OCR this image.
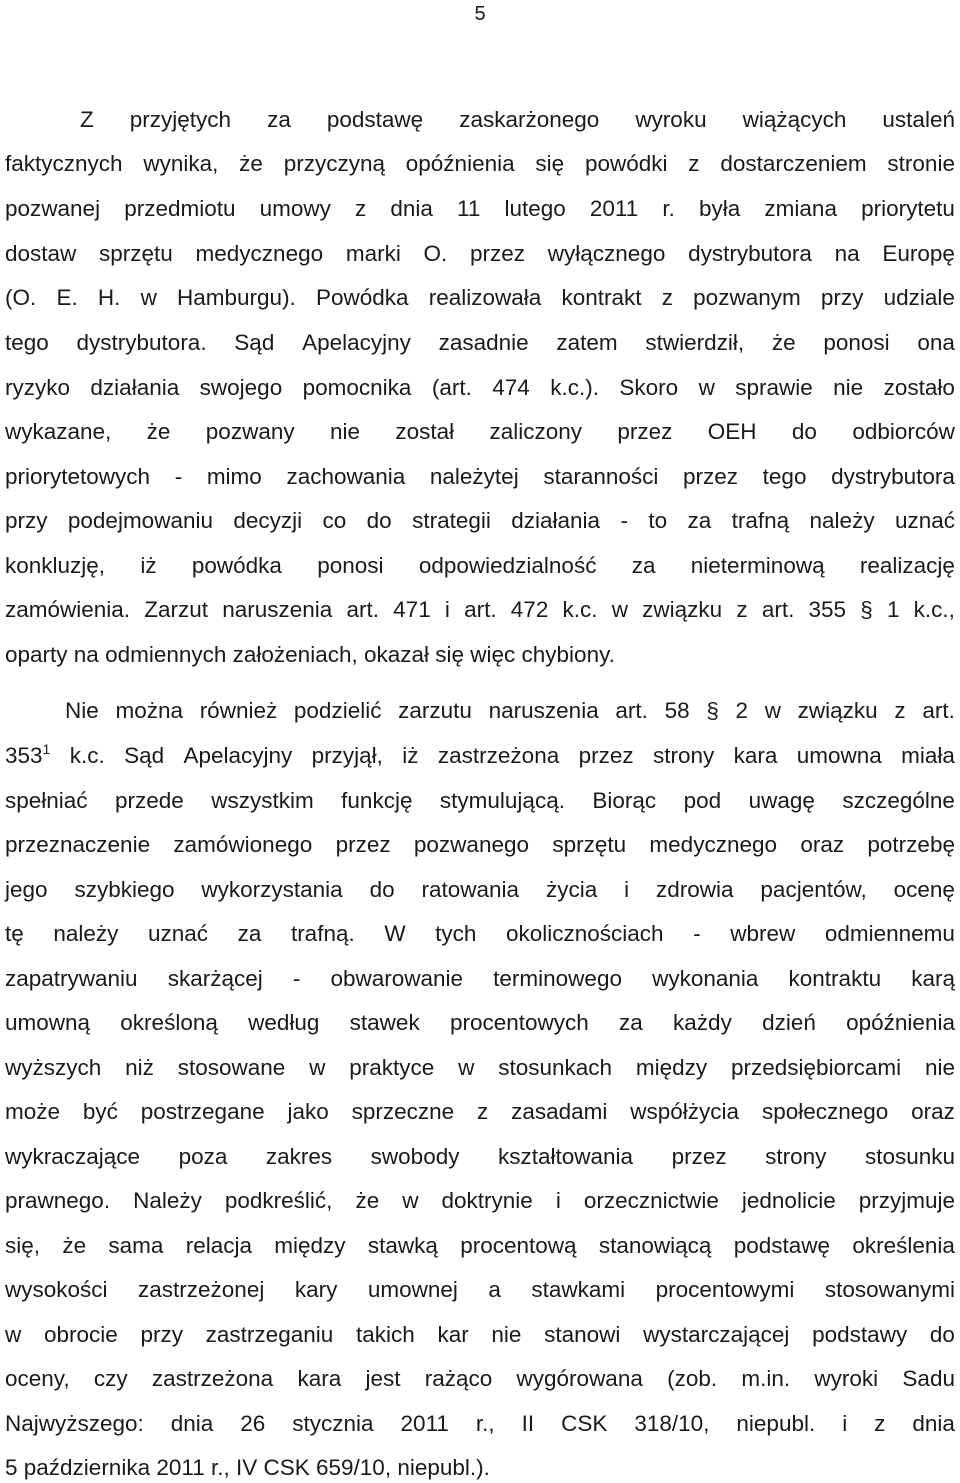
5
Z przyjętych za podstawę zaskarżonego wyroku wiążących ustaleń
faktycznych wynika, że przyczyną opóźnienia się powódki z dostarczeniem stronie
pozwanej przedmiotu umowy z dnia 11 lutego 2011 r. była zmiana priorytetu
dostaw sprzętu medycznego marki O. przez wyłącznego dystrybutora na Europę
(O. E. H. w Hamburgu). Powódka realizowała kontrakt z pozwanym przy udziale
tego dystrybutora. Sąd Apelacyjny zasadnie zatem stwierdził, że ponosi ona
ryzyko działania swojego pomocnika (art. 474 k.c.). Skoro w sprawie nie zostało
wykazane, że pozwany nie został zaliczony przez OEH do odbiorców
priorytetowych - mimo zachowania należytej staranności przez tego dystrybutora
przy podejmowaniu decyzji co do strategii działania - to za trafną należy uznać
konkluzję, iż powódka ponosi odpowiedzialność za nieterminową realizację
zamówienia. Zarzut naruszenia art. 471 i art. 472 k.c. w związku z art. 355 § 1 k.c.,
oparty na odmiennych założeniach, okazał się więc chybiony.
Nie można również podzielić zarzutu naruszenia art. 58 § 2 w związku z art.
$353^1$ k.c. Sąd Apelacyjny przyjął, iż zastrzeżona przez strony kara umowna miała
spełniać przede wszystkim funkcję stymulującą. Biorąc pod uwagę szczególne
przeznaczenie zamówionego przez pozwanego sprzętu medycznego oraz potrzebę
jego szybkiego wykorzystania do ratowania życia i zdrowia pacjentów, ocenę
tę należy uznać za trafną. W tych okolicznościach - wbrew odmiennemu
zapatrywaniu skarżącej - obwarowanie terminowego wykonania kontraktu karą
umowną określoną według stawek procentowych za każdy dzień opóźnienia
wyższych niż stosowane w praktyce w stosunkach między przedsiębiorcami nie
może być postrzegane jako sprzeczne z zasadami współżycia społecznego oraz
wykraczające poza zakres swobody kształtowania przez strony stosunku
prawnego. Należy podkreślić, że w doktrynie i orzecznictwie jednolicie przyjmuje
się, że sama relacja między stawką procentową stanowiącą podstawę określenia
wysokości zastrzeżonej kary umownej a stawkami procentowymi stosowanymi
w obrocie przy zastrzeganiu takich kar nie stanowi wystarczającej podstawy do
oceny, czy zastrzeżona kara jest rażąco wygórowana (zob. m.in. wyroki Sadu
Najwyższego: dnia 26 stycznia 2011 r., II CSK 318/10, niepubl. i z dnia
5 października 2011 r., IV CSK 659/10, niepubl.).
